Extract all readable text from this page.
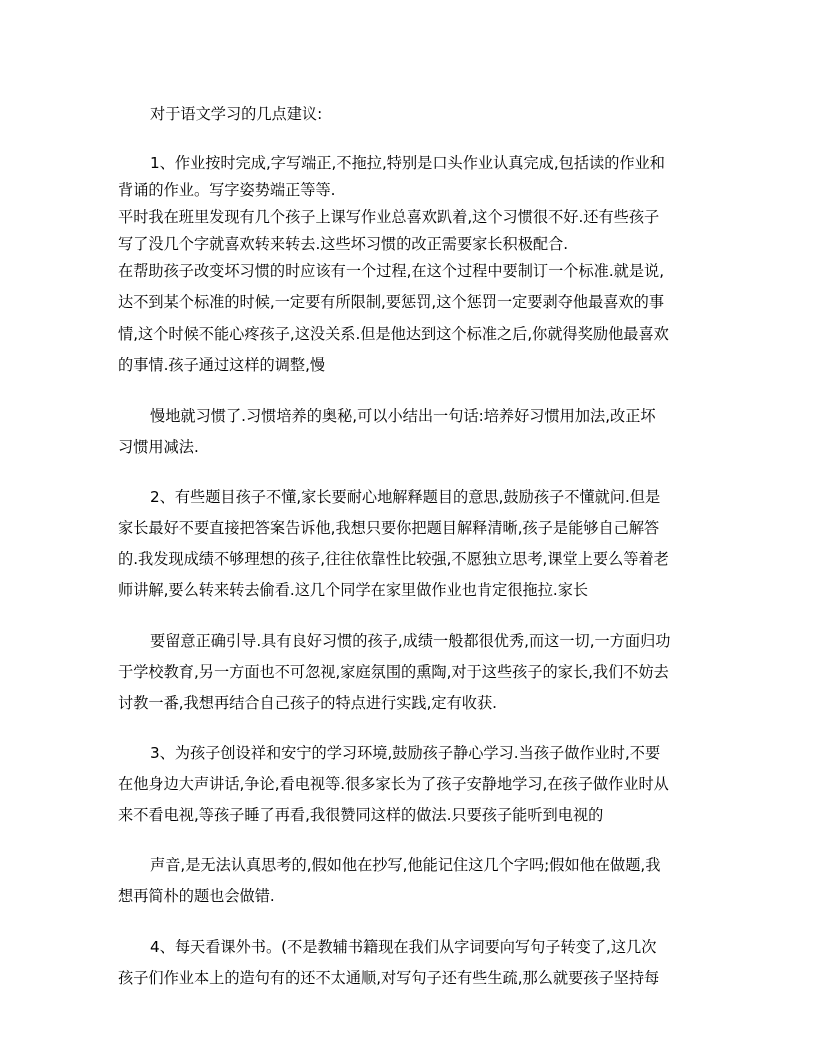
对于语文学习的几点建议:
1、作业按时完成,字写端正,不拖拉,特别是口头作业认真完成,包括读的作业和
背诵的作业。写字姿势端正等等.
平时我在班里发现有几个孩子上课写作业总喜欢趴着,这个习惯很不好.还有些孩子
写了没几个字就喜欢转来转去.这些坏习惯的改正需要家长积极配合.
在帮助孩子改变坏习惯的时应该有一个过程,在这个过程中要制订一个标准.就是说,
达不到某个标准的时候,一定要有所限制,要惩罚,这个惩罚一定要剥夺他最喜欢的事
情,这个时候不能心疼孩子,这没关系.但是他达到这个标准之后,你就得奖励他最喜欢
的事情.孩子通过这样的调整,慢
慢地就习惯了.习惯培养的奥秘,可以小结出一句话:培养好习惯用加法,改正坏
习惯用减法.
2、有些题目孩子不懂,家长要耐心地解释题目的意思,鼓励孩子不懂就问.但是
家长最好不要直接把答案告诉他,我想只要你把题目解释清晰,孩子是能够自己解答
的.我发现成绩不够理想的孩子,往往依靠性比较强,不愿独立思考,课堂上要么等着老
师讲解,要么转来转去偷看.这几个同学在家里做作业也肯定很拖拉.家长
要留意正确引导.具有良好习惯的孩子,成绩一般都很优秀,而这一切,一方面归功
于学校教育,另一方面也不可忽视,家庭氛围的熏陶,对于这些孩子的家长,我们不妨去
讨教一番,我想再结合自己孩子的特点进行实践,定有收获.
3、为孩子创设祥和安宁的学习环境,鼓励孩子静心学习.当孩子做作业时,不要
在他身边大声讲话,争论,看电视等.很多家长为了孩子安静地学习,在孩子做作业时从
来不看电视,等孩子睡了再看,我很赞同这样的做法.只要孩子能听到电视的
声音,是无法认真思考的,假如他在抄写,他能记住这几个字吗;假如他在做题,我
想再简朴的题也会做错.
4、每天看课外书。(不是教辅书籍现在我们从字词要向写句子转变了,这几次
孩子们作业本上的造句有的还不太通顺,对写句子还有些生疏,那么就要孩子坚持每
